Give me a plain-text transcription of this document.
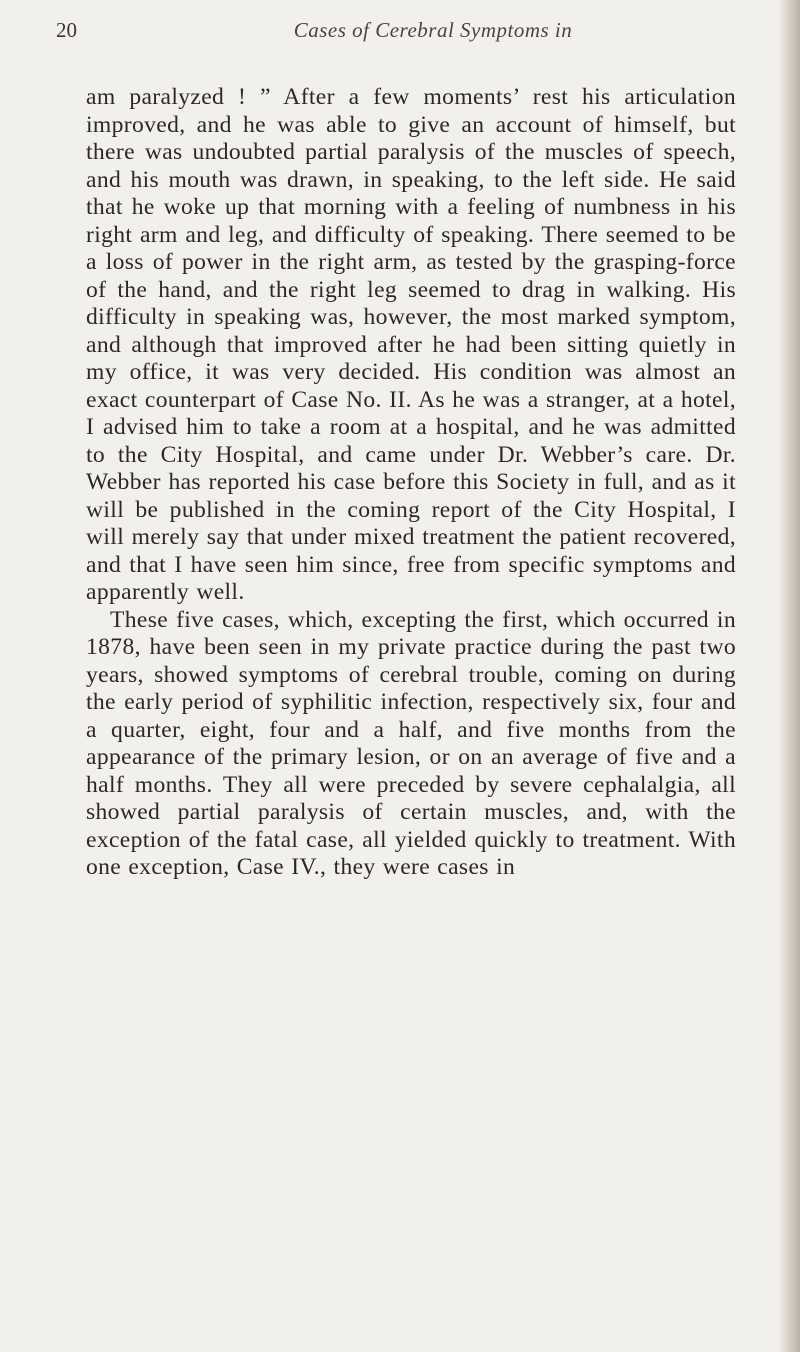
20	Cases of Cerebral Symptoms in

am paralyzed ! ” After a few moments’ rest his articulation improved, and he was able to give an account of himself, but there was undoubted partial paralysis of the muscles of speech, and his mouth was drawn, in speaking, to the left side. He said that he woke up that morning with a feeling of numbness in his right arm and leg, and difficulty of speaking. There seemed to be a loss of power in the right arm, as tested by the grasping-force of the hand, and the right leg seemed to drag in walking. His difficulty in speaking was, however, the most marked symptom, and although that improved after he had been sitting quietly in my office, it was very decided. His condition was almost an exact counterpart of Case No. II. As he was a stranger, at a hotel, I advised him to take a room at a hospital, and he was admitted to the City Hospital, and came under Dr. Webber’s care. Dr. Webber has reported his case before this Society in full, and as it will be published in the coming report of the City Hospital, I will merely say that under mixed treatment the patient recovered, and that I have seen him since, free from specific symptoms and apparently well.

These five cases, which, excepting the first, which occurred in 1878, have been seen in my private practice during the past two years, showed symptoms of cerebral trouble, coming on during the early period of syphilitic infection, respectively six, four and a quarter, eight, four and a half, and five months from the appearance of the primary lesion, or on an average of five and a half months. They all were preceded by severe cephalalgia, all showed partial paralysis of certain muscles, and, with the exception of the fatal case, all yielded quickly to treatment. With one exception, Case IV., they were cases in
